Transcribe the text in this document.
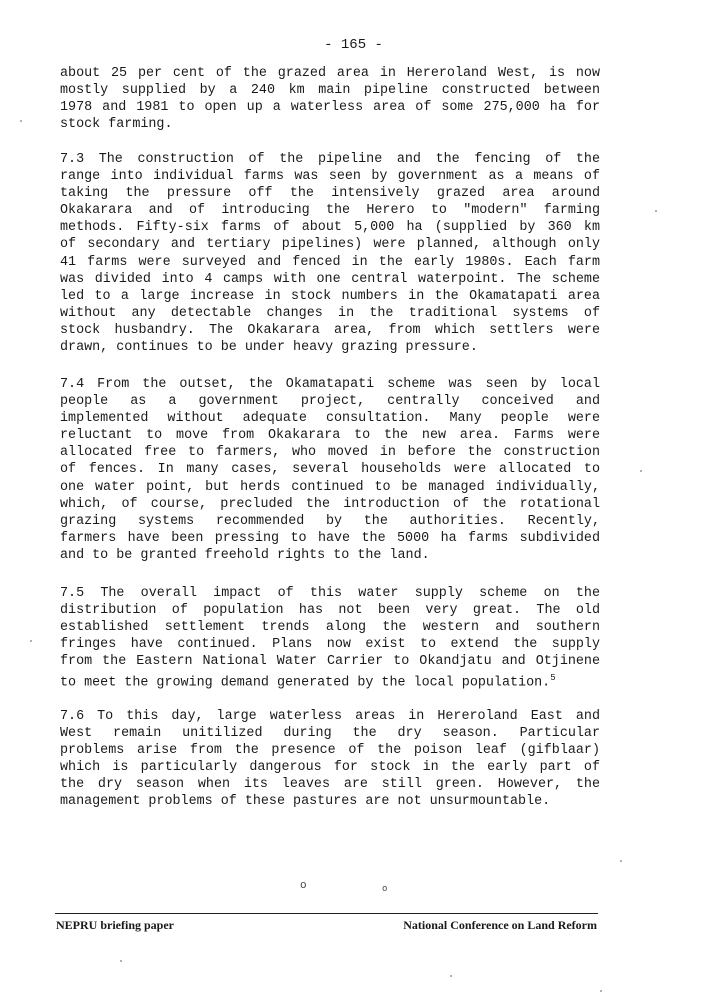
- 165 -

about 25 per cent of the grazed area in Hereroland West, is now
mostly supplied by a 240 km main pipeline constructed between
1978 and 1981 to open up a waterless area of some 275,000 ha for
stock farming.

7.3 The construction of the pipeline and the fencing of the
range into individual farms was seen by government as a means of
taking the pressure off the intensively grazed area around
Okakarara and of introducing the Herero to "modern" farming
methods. Fifty-six farms of about 5,000 ha (supplied by 360 km
of secondary and tertiary pipelines) were planned, although only
41 farms were surveyed and fenced in the early 1980s. Each farm
was divided into 4 camps with one central waterpoint. The scheme
led to a large increase in stock numbers in the Okamatapati area
without any detectable changes in the traditional systems of
stock husbandry. The Okakarara area, from which settlers were
drawn, continues to be under heavy grazing pressure.

7.4 From the outset, the Okamatapati scheme was seen by local
people as a government project, centrally conceived and
implemented without adequate consultation. Many people were
reluctant to move from Okakarara to the new area. Farms were
allocated free to farmers, who moved in before the construction
of fences. In many cases, several households were allocated to
one water point, but herds continued to be managed individually,
which, of course, precluded the introduction of the rotational
grazing systems recommended by the authorities. Recently,
farmers have been pressing to have the 5000 ha farms subdivided
and to be granted freehold rights to the land.

7.5 The overall impact of this water supply scheme on the
distribution of population has not been very great. The old
established settlement trends along the western and southern
fringes have continued. Plans now exist to extend the supply
from the Eastern National Water Carrier to Okandjatu and Otjinene
to meet the growing demand generated by the local population.$^5$

7.6 To this day, large waterless areas in Hereroland East and
West remain unitilized during the dry season. Particular
problems arise from the presence of the poison leaf (gifblaar)
which is particularly dangerous for stock in the early part of
the dry season when its leaves are still green. However, the
management problems of these pastures are not unsurmountable.

o	o
NEPRU briefing paper	National Conference on Land Reform
